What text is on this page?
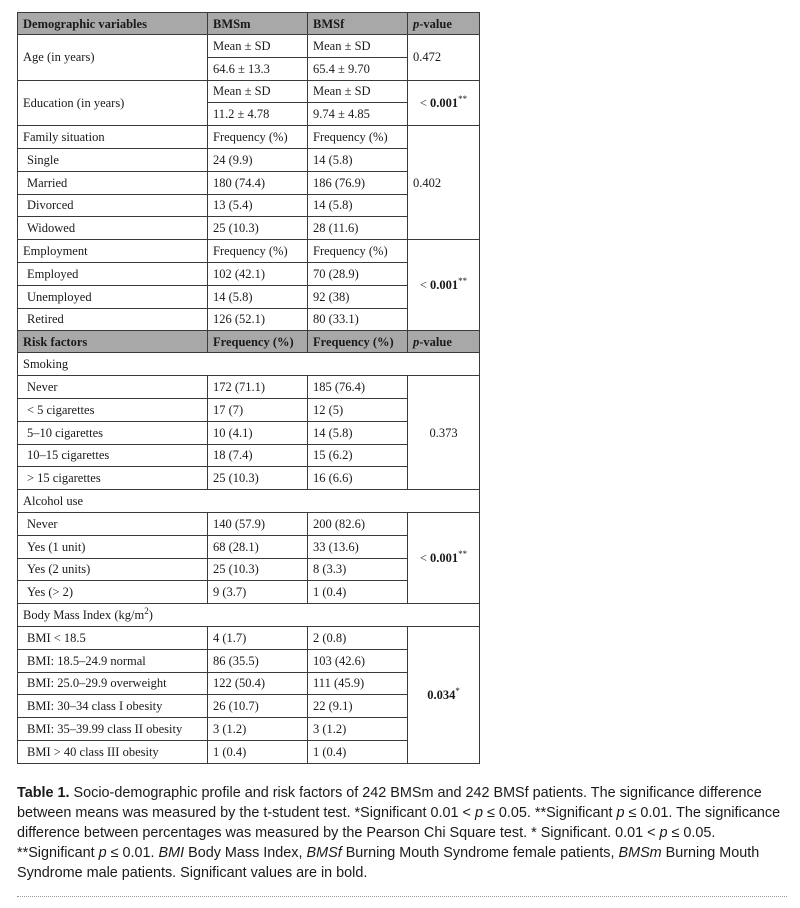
Demographic variables	BMSm	BMSf	p-value
Age (in years)	Mean ± SD	Mean ± SD	0.472
	64.6 ± 13.3	65.4 ± 9.70	
Education (in years)	Mean ± SD	Mean ± SD	< 0.001**
	11.2 ± 4.78	9.74 ± 4.85	
Family situation	Frequency (%)	Frequency (%)	0.402
Single	24 (9.9)	14 (5.8)	
Married	180 (74.4)	186 (76.9)	
Divorced	13 (5.4)	14 (5.8)	
Widowed	25 (10.3)	28 (11.6)	
Employment	Frequency (%)	Frequency (%)	< 0.001**
Employed	102 (42.1)	70 (28.9)	
Unemployed	14 (5.8)	92 (38)	
Retired	126 (52.1)	80 (33.1)	
Risk factors	Frequency (%)	Frequency (%)	p-value
Smoking			
Never	172 (71.1)	185 (76.4)	0.373
< 5 cigarettes	17 (7)	12 (5)	
5–10 cigarettes	10 (4.1)	14 (5.8)	
10–15 cigarettes	18 (7.4)	15 (6.2)	
> 15 cigarettes	25 (10.3)	16 (6.6)	
Alcohol use			
Never	140 (57.9)	200 (82.6)	< 0.001**
Yes (1 unit)	68 (28.1)	33 (13.6)	
Yes (2 units)	25 (10.3)	8 (3.3)	
Yes (> 2)	9 (3.7)	1 (0.4)	
Body Mass Index $(kg/m^2)$			
BMI < 18.5	4 (1.7)	2 (0.8)	0.034*
BMI: 18.5–24.9 normal	86 (35.5)	103 (42.6)	
BMI: 25.0–29.9 overweight	122 (50.4)	111 (45.9)	
BMI: 30–34 class I obesity	26 (10.7)	22 (9.1)	
BMI: 35–39.99 class II obesity	3 (1.2)	3 (1.2)	
BMI > 40 class III obesity	1 (0.4)	1 (0.4)	
Table 1. Socio-demographic profile and risk factors of 242 BMSm and 242 BMSf patients. The significance difference between means was measured by the t-student test. *Significant 0.01 < p ≤ 0.05. **Significant p ≤ 0.01. The significance difference between percentages was measured by the Pearson Chi Square test. * Significant. 0.01 < p ≤ 0.05. **Significant p ≤ 0.01. BMI Body Mass Index, BMSf Burning Mouth Syndrome female patients, BMSm Burning Mouth Syndrome male patients. Significant values are in bold.
